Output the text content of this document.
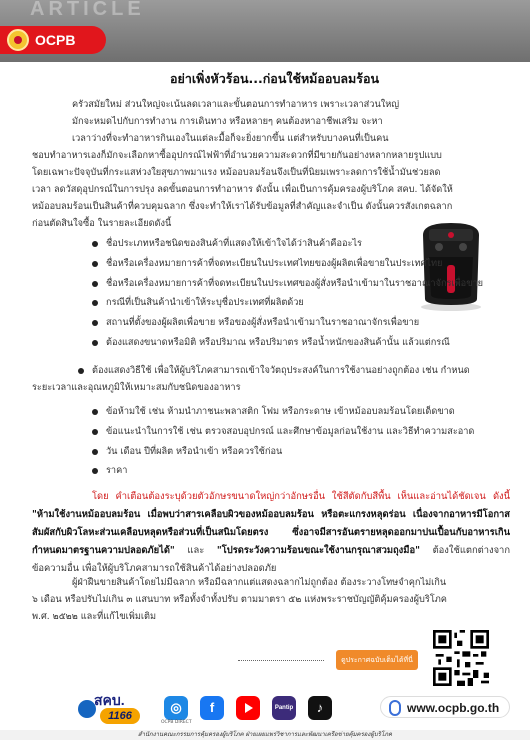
ARTICLE
OCPB
อย่าเพิ่งหัวร้อน...ก่อนใช้หม้ออบลมร้อน

ครัวสมัยใหม่ ส่วนใหญ่จะเน้นลดเวลาและขั้นตอนการทำอาหาร เพราะเวลาส่วนใหญ่
มักจะหมดไปกับการทำงาน การเดินทาง หรือหลายๆ คนต้องหาอาชีพเสริม จะหา
เวลาว่างที่จะทำอาหารกินเองในแต่ละมื้อก็จะยิ่งยากขึ้น แต่สำหรับบางคนที่เป็นคน
ชอบทำอาหารเองก็มักจะเลือกหาซื้ออุปกรณ์ไฟฟ้าที่อำนวยความสะดวกที่มีขายกันอย่างหลากหลายรูปแบบ
โดยเฉพาะปัจจุบันที่กระแสห่วงใยสุขภาพมาแรง หม้ออบลมร้อนจึงเป็นที่นิยมเพราะลดการใช้น้ำมันช่วยลด
เวลา ลดวัสดุอุปกรณ์ในการปรุง ลดขั้นตอนการทำอาหาร ดังนั้น เพื่อเป็นการคุ้มครองผู้บริโภค สคบ. ได้จัดให้
หม้ออบลมร้อนเป็นสินค้าที่ควบคุมฉลาก ซึ่งจะทำให้เราได้รับข้อมูลที่สำคัญและจำเป็น ดังนั้นควรสังเกตฉลาก

ก่อนตัดสินใจซื้อ ในรายละเอียดดังนี้
ชื่อประเภทหรือชนิดของสินค้าที่แสดงให้เข้าใจได้ว่าสินค้าคืออะไร
ชื่อหรือเครื่องหมายการค้าที่จดทะเบียนในประเทศไทยของผู้ผลิตเพื่อขายในประเทศไทย
ชื่อหรือเครื่องหมายการค้าที่จดทะเบียนในประเทศของผู้สั่งหรือนำเข้ามาในราชอาณาจักรเพื่อขาย
กรณีที่เป็นสินค้านำเข้าให้ระบุชื่อประเทศที่ผลิตด้วย
สถานที่ตั้งของผู้ผลิตเพื่อขาย หรือของผู้สั่งหรือนำเข้ามาในราชอาณาจักรเพื่อขาย
ต้องแสดงขนาดหรือมิติ หรือปริมาณ หรือปริมาตร หรือน้ำหนักของสินค้านั้น แล้วแต่กรณี
ต้องแสดงวิธีใช้ เพื่อให้ผู้บริโภคสามารถเข้าใจวัตถุประสงค์ในการใช้งานอย่างถูกต้อง เช่น กำหนด
ระยะเวลาและอุณหภูมิให้เหมาะสมกับชนิดของอาหาร
ข้อห้ามใช้ เช่น ห้ามนำภาชนะพลาสติก โฟม หรือกระดาษ เข้าหม้ออบลมร้อนโดยเด็ดขาด
ข้อแนะนำในการใช้ เช่น ตรวจสอบอุปกรณ์ และศึกษาข้อมูลก่อนใช้งาน และวิธีทำความสะอาด
วัน เดือน ปีที่ผลิต หรือนำเข้า หรือควรใช้ก่อน
ราคา
โดย คำเตือนต้องระบุด้วยตัวอักษรขนาดใหญ่กว่าอักษรอื่น ใช้สีตัดกับสีพื้น เห็นและอ่านได้ชัดเจน ดังนี้ "ห้ามใช้งานหม้ออบลมร้อน เมื่อพบว่าสารเคลือบผิวของหม้ออบลมร้อน หรือตะแกรงหลุดร่อน เนื่องจากอาหารมีโอกาสสัมผัสกับผิวโลหะส่วนเคลือบหลุดหรือส่วนที่เป็นสนิมโดยตรง ซึ่งอาจมีสารอันตรายหลุดออกมาปนเปื้อนกับอาหารเกินกำหนดมาตรฐานความปลอดภัยได้" และ "โปรดระวังความร้อนขณะใช้งานกรุณาสวมถุงมือ" ต้องใช้แตกต่างจากข้อความอื่น เพื่อให้ผู้บริโภคสามารถใช้สินค้าได้อย่างปลอดภัย

ผู้ฝ่าฝืนขายสินค้าโดยไม่มีฉลาก หรือมีฉลากแต่แสดงฉลากไม่ถูกต้อง ต้องระวางโทษจำคุกไม่เกิน
๖ เดือน หรือปรับไม่เกิน ๓ แสนบาท หรือทั้งจำทั้งปรับ ตามมาตรา ๕๒ แห่งพระราชบัญญัติคุ้มครองผู้บริโภค
พ.ศ. ๒๕๒๒ และที่แก้ไขเพิ่มเติม

ดูประกาศฉบับเต็มได้ที่นี่
สคบ.
1166
◎
OCPB DIRECT
f	Pantip	♪	www.ocpb.go.th
สำนักงานคณะกรรมการคุ้มครองผู้บริโภค ฝ่ายเผยแพร่วิชาการและพัฒนาเครือข่ายคุ้มครองผู้บริโภค
